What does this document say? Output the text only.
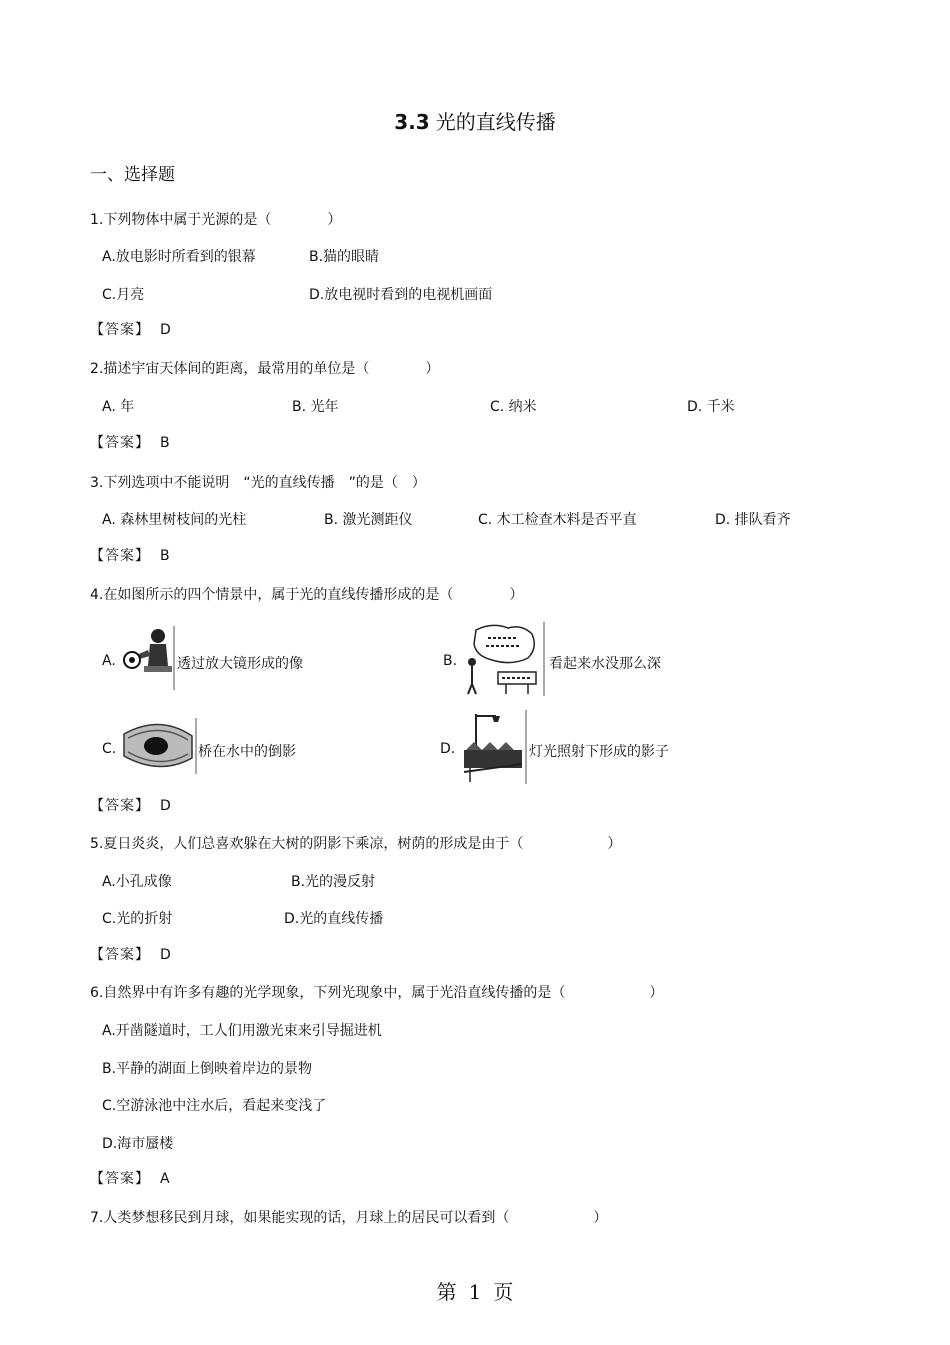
3.3 光的直线传播
一、选择题
1.下列物体中属于光源的是（　　　　）
A.放电影时所看到的银幕	B.猫的眼睛
C.月亮	D.放电视时看到的电视机画面
【答案】 D
2.描述宇宙天体间的距离，最常用的单位是（　　　　）
A. 年	B. 光年	C. 纳米	D. 千米
【答案】 B
3.下列选项中不能说明　“光的直线传播　”的是（　）
A. 森林里树枝间的光柱	B. 激光测距仪	C. 木工检查木料是否平直	D. 排队看齐
【答案】 B
4.在如图所示的四个情景中，属于光的直线传播形成的是（　　　　）
A.	透过放大镜形成的像	B.	看起来水没那么深
C.	桥在水中的倒影	D.	灯光照射下形成的影子
【答案】 D
5.夏日炎炎，人们总喜欢躲在大树的阴影下乘凉，树荫的形成是由于（　　　　　　）
A.小孔成像	B.光的漫反射
C.光的折射	D.光的直线传播
【答案】 D
6.自然界中有许多有趣的光学现象，下列光现象中，属于光沿直线传播的是（　　　　　　）
A.开凿隧道时，工人们用激光束来引导掘进机
B.平静的湖面上倒映着岸边的景物
C.空游泳池中注水后，看起来变浅了
D.海市蜃楼
【答案】 A
7.人类梦想移民到月球，如果能实现的话，月球上的居民可以看到（　　　　　　）
第 1 页
